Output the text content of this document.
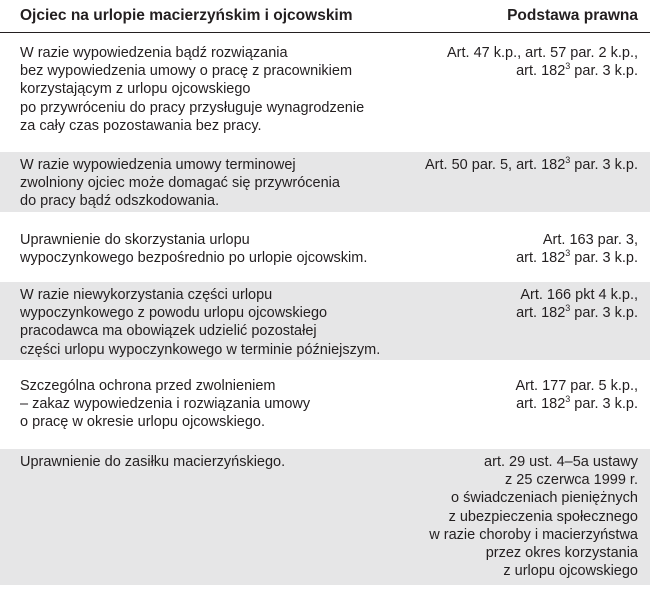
Ojciec na urlopie macierzyńskim i ojcowskim	Podstawa prawna
W razie wypowiedzenia bądź rozwiązania
bez wypowiedzenia umowy o pracę z pracownikiem
korzystającym z urlopu ojcowskiego
po przywróceniu do pracy przysługuje wynagrodzenie
za cały czas pozostawania bez pracy.
Art. 47 k.p., art. 57 par. 2 k.p.,
art. $182^3$ par. 3 k.p.
W razie wypowiedzenia umowy terminowej
zwolniony ojciec może domagać się przywrócenia
do pracy bądź odszkodowania.
Art. 50 par. 5, art. $182^3$ par. 3 k.p.
Uprawnienie do skorzystania urlopu
wypoczynkowego bezpośrednio po urlopie ojcowskim.
Art. 163 par. 3,
art. $182^3$ par. 3 k.p.
W razie niewykorzystania części urlopu
wypoczynkowego z powodu urlopu ojcowskiego
pracodawca ma obowiązek udzielić pozostałej
części urlopu wypoczynkowego w terminie późniejszym.
Art. 166 pkt 4 k.p.,
art. $182^3$ par. 3 k.p.
Szczególna ochrona przed zwolnieniem
– zakaz wypowiedzenia i rozwiązania umowy
o pracę w okresie urlopu ojcowskiego.
Art. 177 par. 5 k.p.,
art. $182^3$ par. 3 k.p.
Uprawnienie do zasiłku macierzyńskiego.	art. 29 ust. 4–5a ustawy
z 25 czerwca 1999 r.
o świadczeniach pieniężnych
z ubezpieczenia społecznego
w razie choroby i macierzyństwa
przez okres korzystania
z urlopu ojcowskiego
